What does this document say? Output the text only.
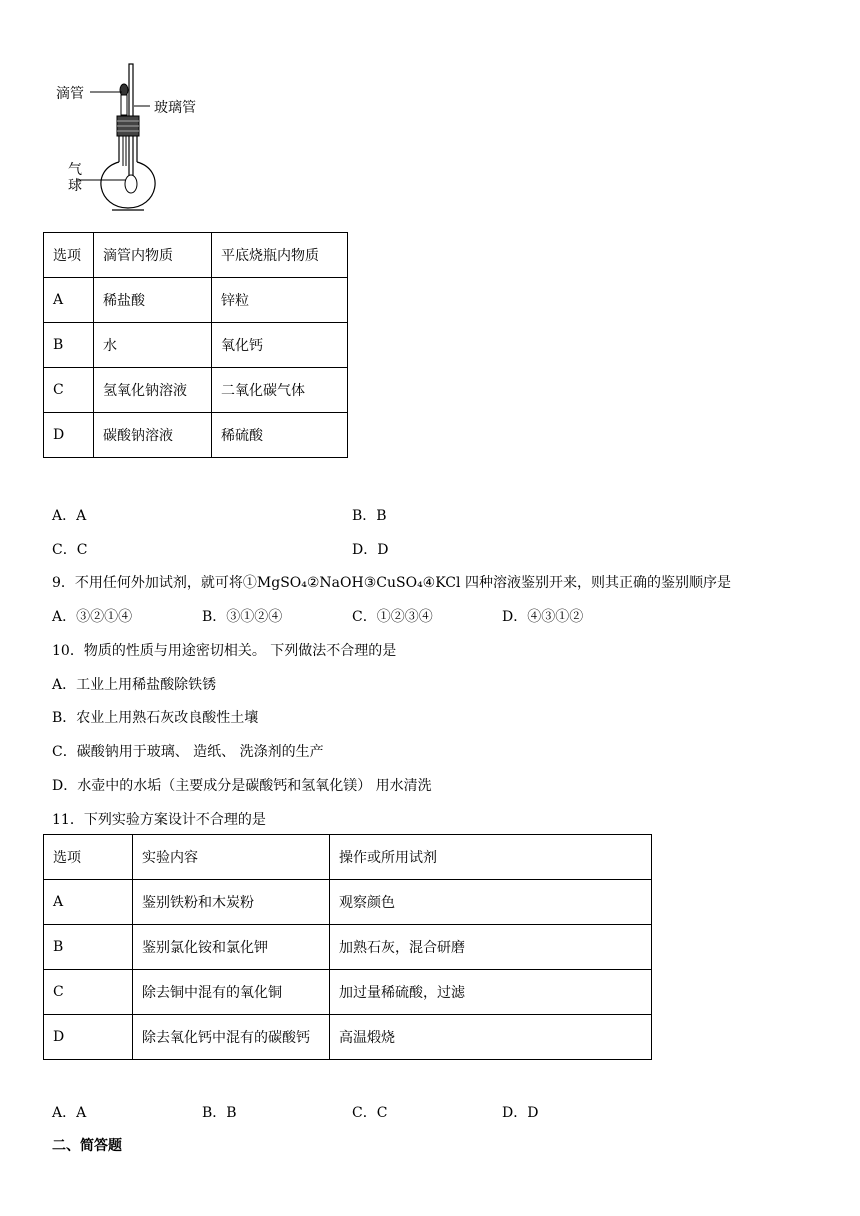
滴管
玻璃管
气
球
选项	滴管内物质	平底烧瓶内物质
A	稀盐酸	锌粒
B	水	氧化钙
C	氢氧化钠溶液	二氧化碳气体
D	碳酸钠溶液	稀硫酸
A．A	B．B
C．C	D．D
9．不用任何外加试剂，就可将①MgSO₄②NaOH③CuSO₄④KCl 四种溶液鉴别开来，则其正确的鉴别顺序是
A．③②①④	B．③①②④	C．①②③④	D．④③①②
10．物质的性质与用途密切相关。 下列做法不合理的是
A．工业上用稀盐酸除铁锈
B．农业上用熟石灰改良酸性土壤
C．碳酸钠用于玻璃、 造纸、 洗涤剂的生产
D．水壶中的水垢（主要成分是碳酸钙和氢氧化镁） 用水清洗
11．下列实验方案设计不合理的是
选项	实验内容	操作或所用试剂
A	鉴别铁粉和木炭粉	观察颜色
B	鉴别氯化铵和氯化钾	加熟石灰，混合研磨
C	除去铜中混有的氧化铜	加过量稀硫酸，过滤
D	除去氧化钙中混有的碳酸钙	高温煅烧
A．A	B．B	C．C	D．D
二、简答题
